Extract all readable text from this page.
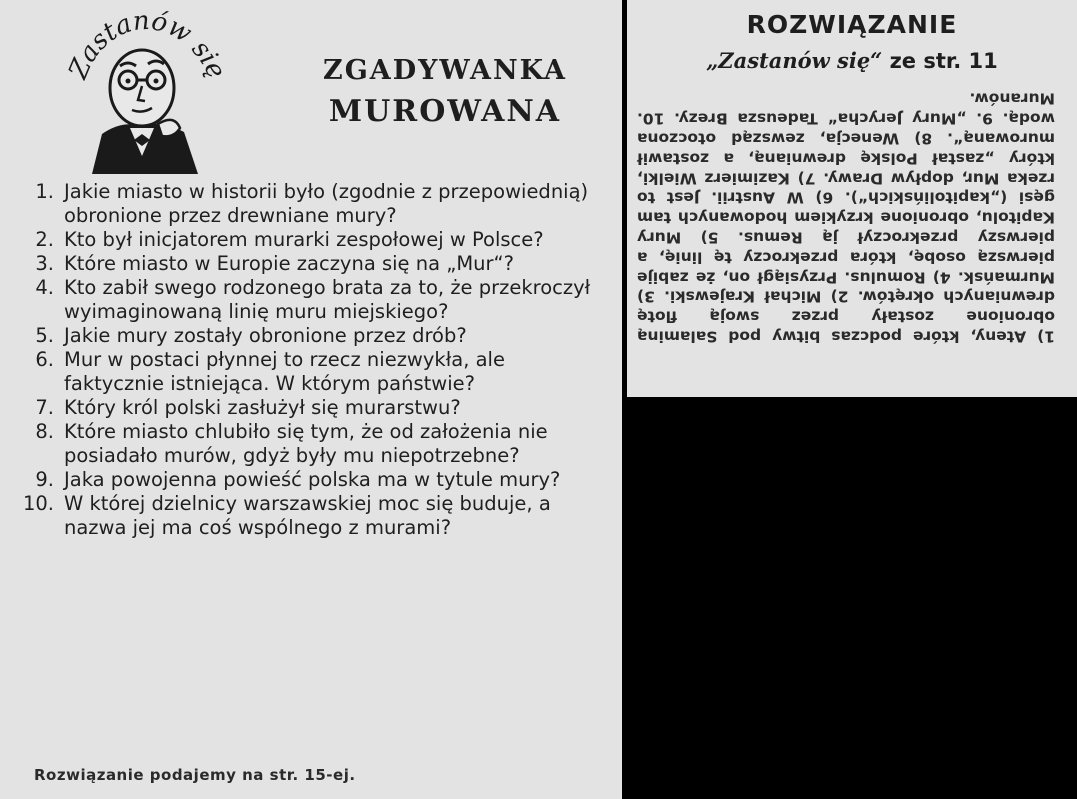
Zastanów się	ZGADYWANKA
MUROWANA
1. Jakie miasto w historii było (zgodnie z przepowiednią) obronione przez drewniane mury?
2. Kto był inicjatorem murarki zespołowej w Polsce?
3. Które miasto w Europie zaczyna się na „Mur“?
4. Kto zabił swego rodzonego brata za to, że przekroczył wyimaginowaną linię muru miejskiego?
5. Jakie mury zostały obronione przez drób?
6. Mur w postaci płynnej to rzecz niezwykła, ale faktycznie istniejąca. W którym państwie?
7. Który król polski zasłużył się murarstwu?
8. Które miasto chlubiło się tym, że od założenia nie posiadało murów, gdyż były mu niepotrzebne?
9. Jaka powojenna powieść polska ma w tytule mury?
10. W której dzielnicy warszawskiej moc się buduje, a nazwa jej ma coś wspólnego z murami?
Rozwiązanie podajemy na str. 15-ej.
ROZWIĄZANIE
„Zastanów się“ ze str. 11

1) Ateny, które podczas bitwy pod Salaminą obronione zostały przez swoją flotę drewnianych okrętów. 2) Michał Krajewski. 3) Murmańsk. 4) Romulus. Przysiągł on, że zabije pierwszą osobę, która przekroczy tę linię, a pierwszy przekroczył ją Remus. 5) Mury Kapitolu, obronione krzykiem hodowanych tam gęsi („kapitolińskich“). 6) W Austrii. Jest to rzeka Mur, dopływ Drawy. 7) Kazimierz Wielki, który „zastał Polskę drewnianą, a zostawił murowaną“. 8) Wenecja, zewsząd otoczona wodą. 9. „Mury Jerycha“ Tadeusza Brezy. 10. Muranów.
